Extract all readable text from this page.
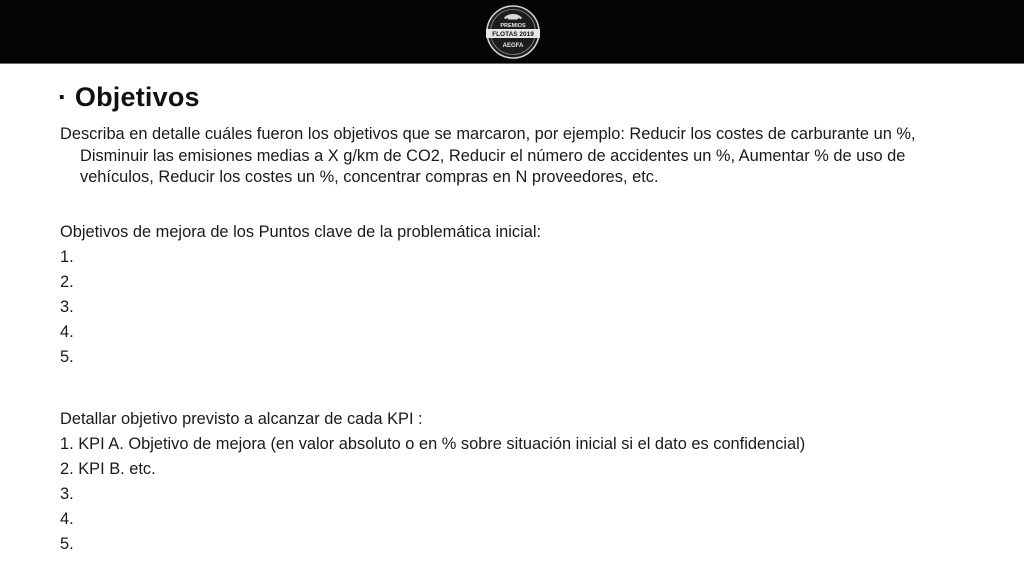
PREMIOS
FLOTAS 2019
AEGFA
· Objetivos
Describa en detalle cuáles fueron los objetivos que se marcaron, por ejemplo: Reducir los costes de carburante un %, Disminuir las emisiones medias a X g/km de CO2, Reducir el número de accidentes un %, Aumentar % de uso de vehículos, Reducir los costes un %, concentrar compras en N proveedores, etc.
Objetivos de mejora de los Puntos clave de la problemática inicial:
1.
2.
3.
4.
5.
Detallar objetivo previsto a alcanzar de cada KPI :
1. KPI A. Objetivo de mejora (en valor absoluto o en % sobre situación inicial si el dato es confidencial)
2. KPI B. etc.
3.
4.
5.
